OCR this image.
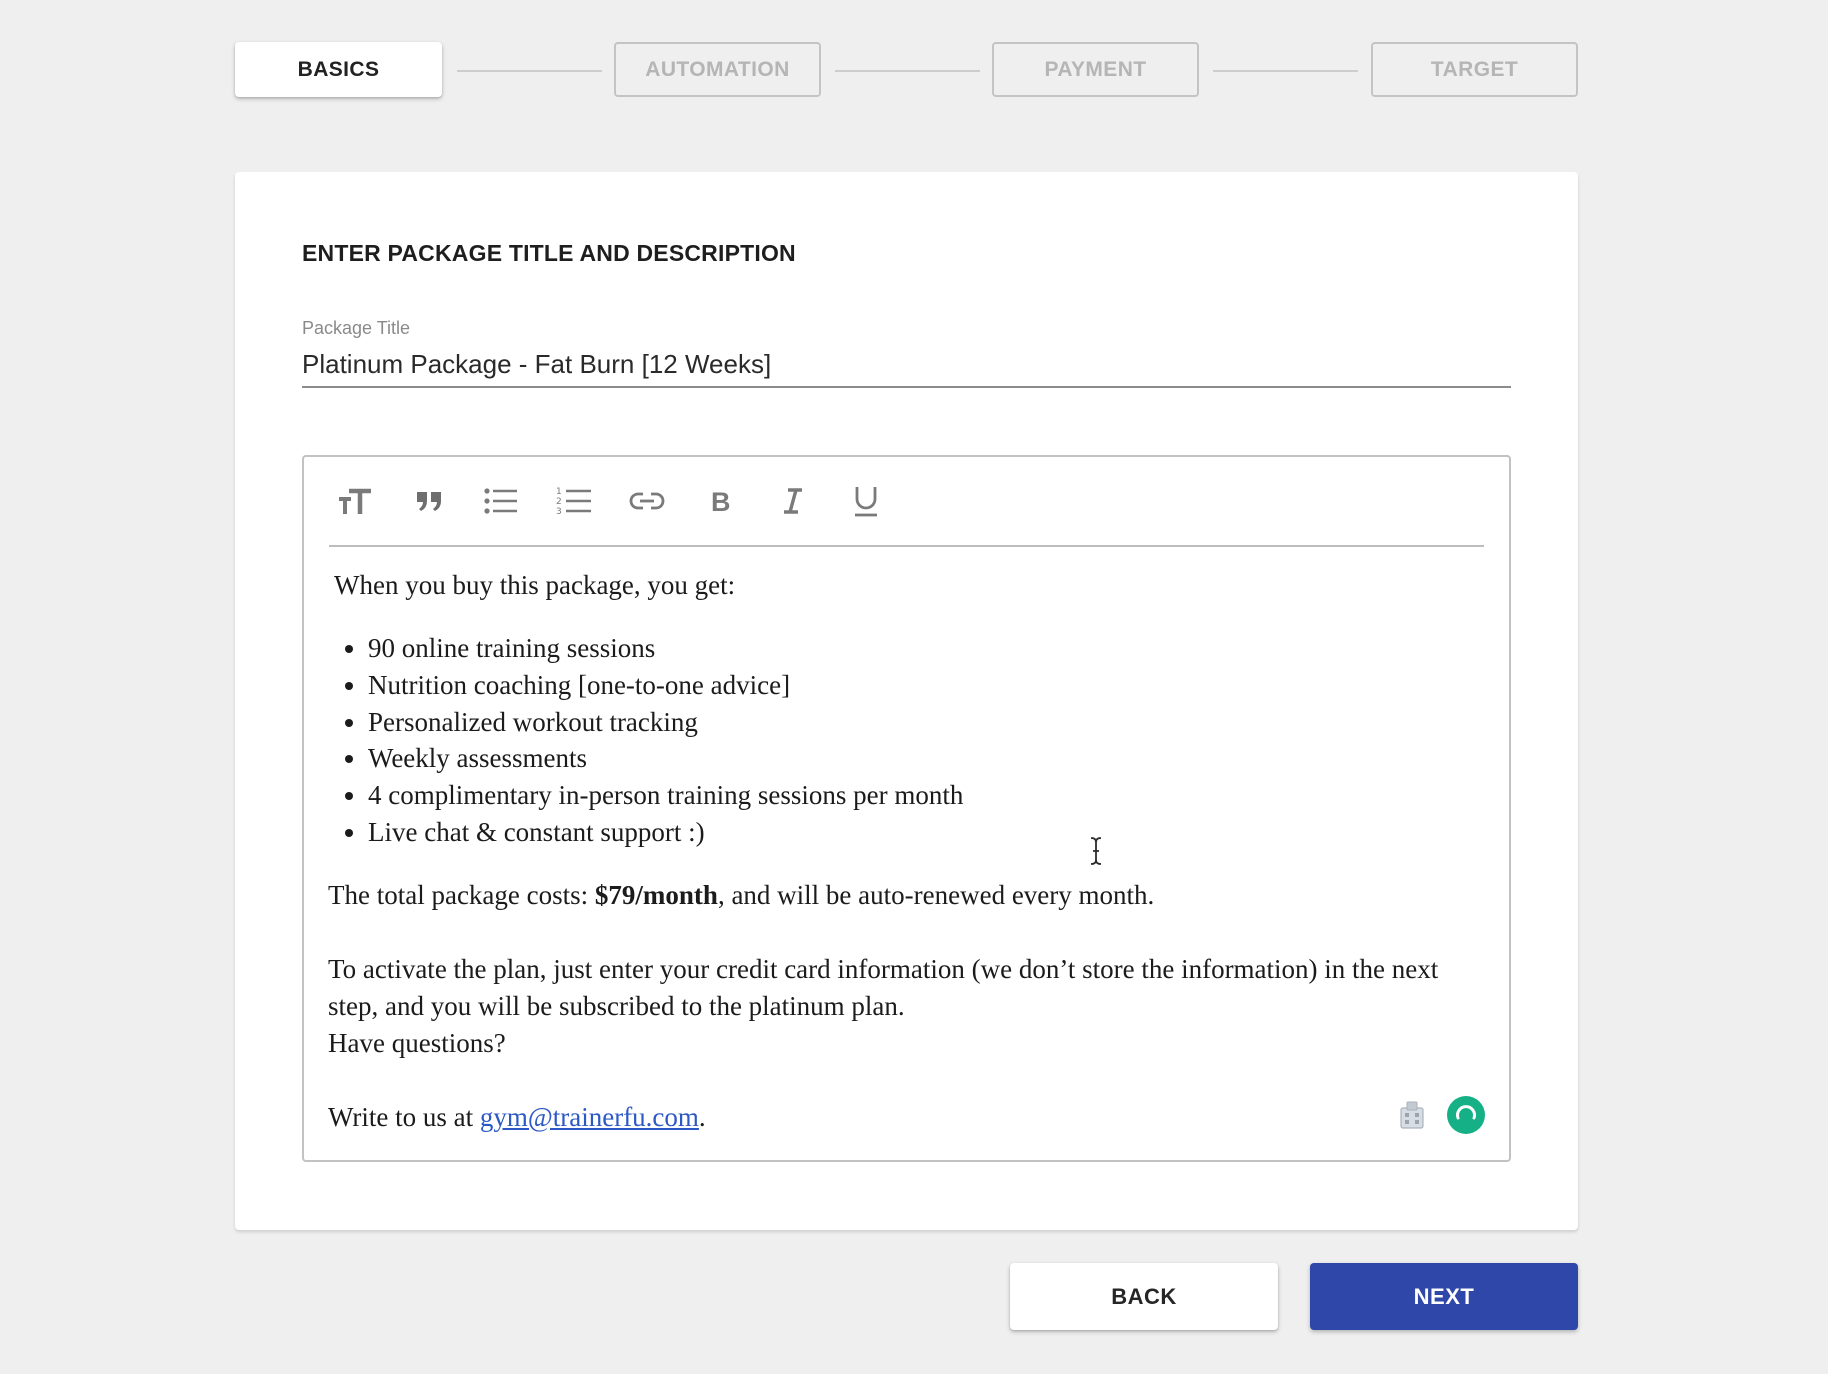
BASICS	AUTOMATION	PAYMENT	TARGET
ENTER PACKAGE TITLE AND DESCRIPTION
Package Title
Platinum Package - Fat Burn [12 Weeks]
1
2
3	B

When you buy this package, you get:

• 90 online training sessions
• Nutrition coaching [one-to-one advice]
• Personalized workout tracking
• Weekly assessments
• 4 complimentary in-person training sessions per month
• Live chat & constant support :)

The total package costs: $79/month, and will be auto-renewed every month.

To activate the plan, just enter your credit card information (we don’t store the information) in the next step, and you will be subscribed to the platinum plan.

Have questions?

Write to us at gym@trainerfu.com.

BACK	NEXT
